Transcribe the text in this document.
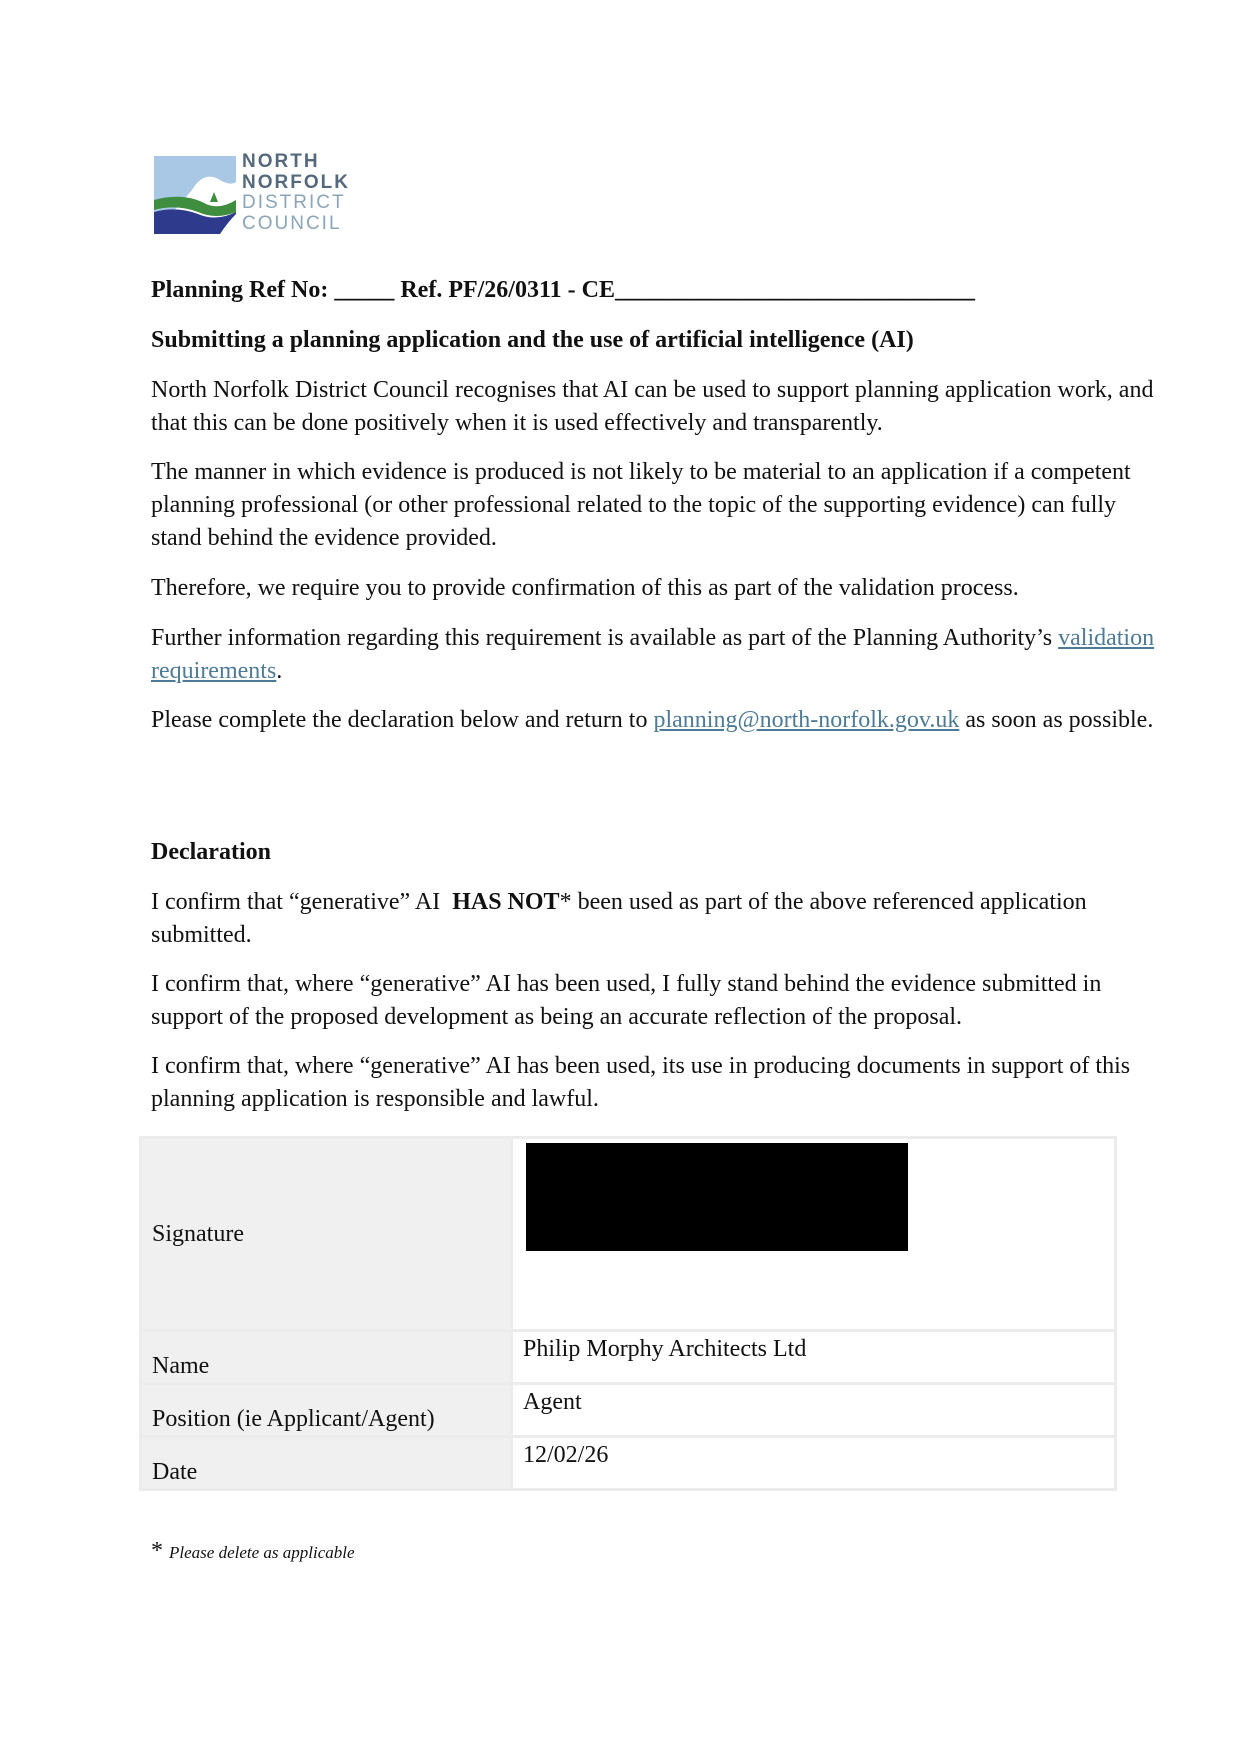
NORTH
NORFOLK
DISTRICT
COUNCIL
Planning Ref No: _____ Ref. PF/26/0311 - CE______________________________
Submitting a planning application and the use of artificial intelligence (AI)
North Norfolk District Council recognises that AI can be used to support planning application work, and that this can be done positively when it is used effectively and transparently.
The manner in which evidence is produced is not likely to be material to an application if a competent planning professional (or other professional related to the topic of the supporting evidence) can fully stand behind the evidence provided.
Therefore, we require you to provide confirmation of this as part of the validation process.
Further information regarding this requirement is available as part of the Planning Authority’s validation requirements.
Please complete the declaration below and return to planning@north-norfolk.gov.uk as soon as possible.
Declaration
I confirm that “generative” AI HAS NOT* been used as part of the above referenced application submitted.
I confirm that, where “generative” AI has been used, I fully stand behind the evidence submitted in support of the proposed development as being an accurate reflection of the proposal.
I confirm that, where “generative” AI has been used, its use in producing documents in support of this planning application is responsible and lawful.
Signature	

Name	Philip Morphy Architects Ltd
Position (ie Applicant/Agent)	Agent
Date	12/02/26
* Please delete as applicable
